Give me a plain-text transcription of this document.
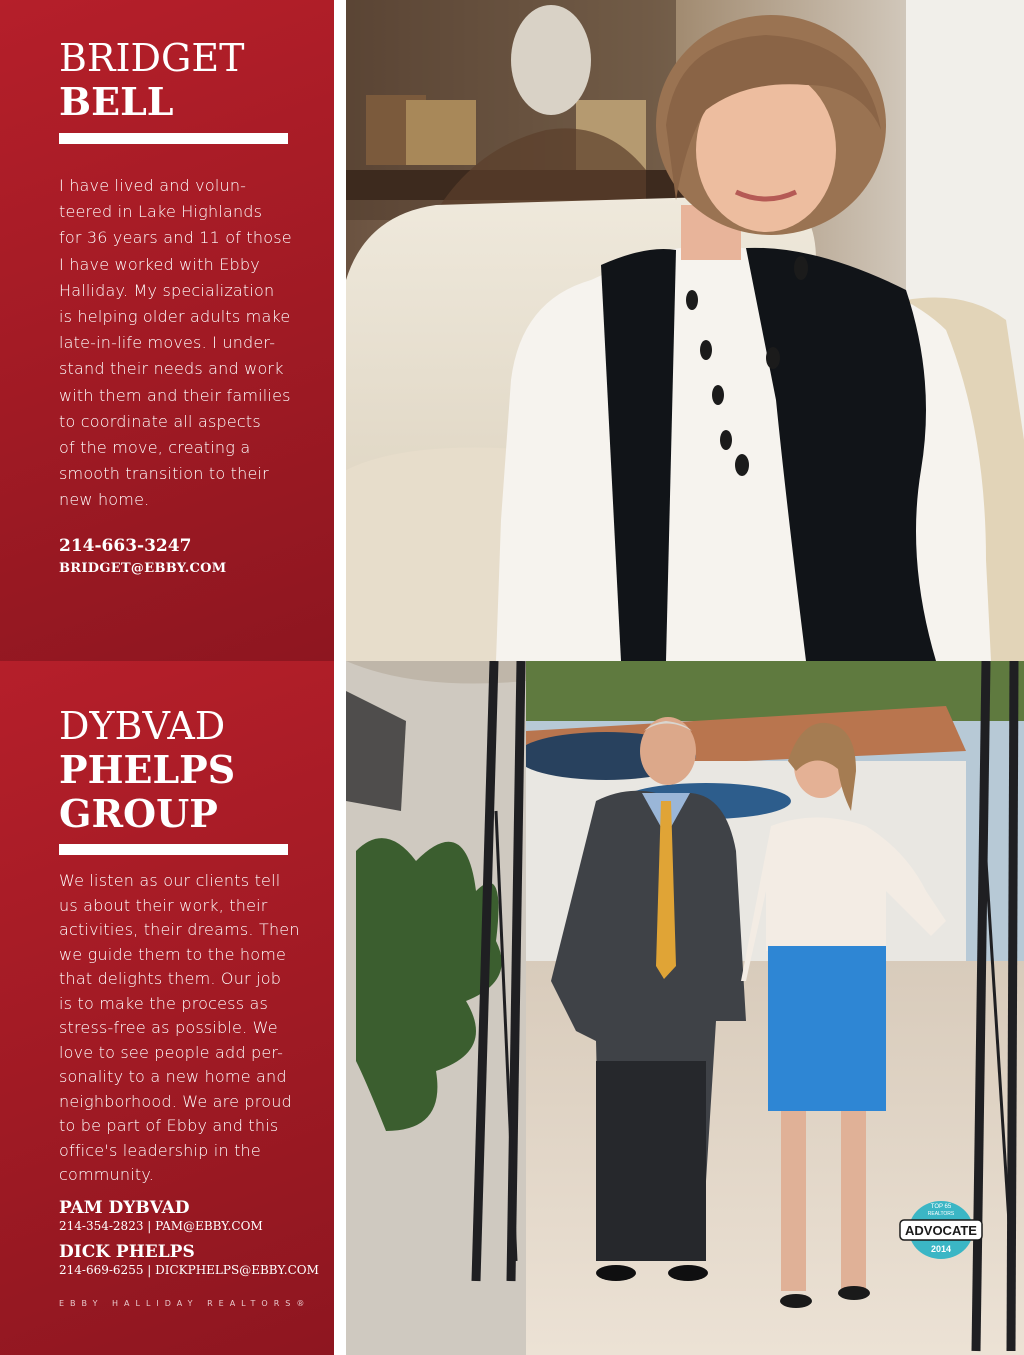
BRIDGET
BELL
I have lived and volun-
teered in Lake Highlands
for 36 years and 11 of those
I have worked with Ebby
Halliday. My specialization
is helping older adults make
late-in-life moves. I under-
stand their needs and work
with them and their families
to coordinate all aspects
of the move, creating a
smooth transition to their
new home.
214-663-3247
BRIDGET@EBBY.COM
DYBVAD
PHELPS
GROUP
We listen as our clients tell
us about their work, their
activities, their dreams. Then
we guide them to the home
that delights them. Our job
is to make the process as
stress-free as possible. We
love to see people add per-
sonality to a new home and
neighborhood. We are proud
to be part of Ebby and this
office's leadership in the
community.
PAM DYBVAD
214-354-2823 | PAM@EBBY.COM
DICK PHELPS
214-669-6255 | DICKPHELPS@EBBY.COM
EBBY HALLIDAY REALTORS®
TOP 65
REALTORS
ADVOCATE
2014
